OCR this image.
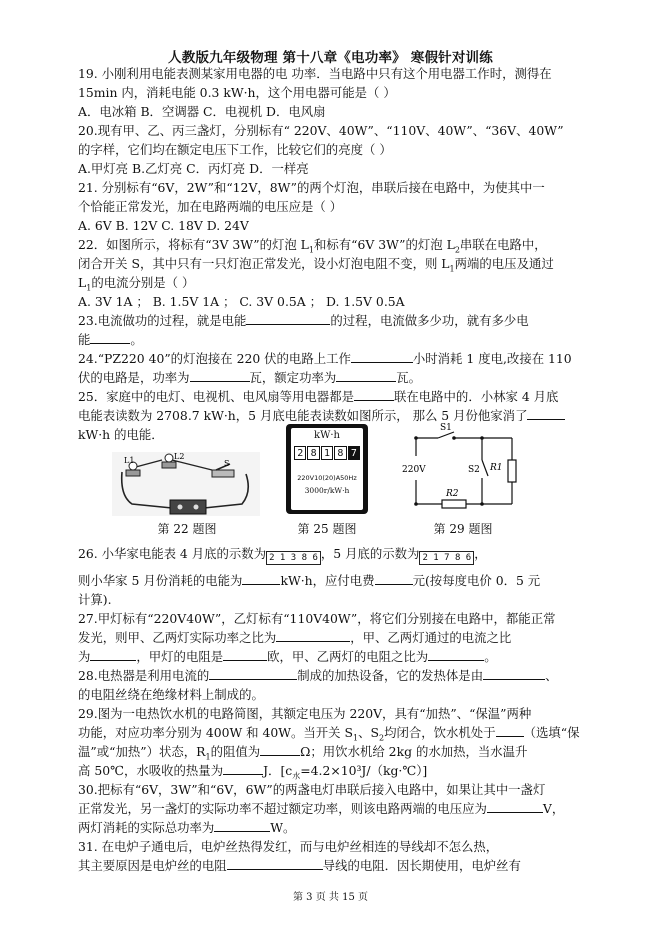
人教版九年级物理 第十八章《电功率》 寒假针对训练
19. 小刚利用电能表测某家用电器的电 功率．当电路中只有这个用电器工作时，测得在
15min 内，消耗电能 0.3 kW·h，这个用电器可能是（ ）
A．电冰箱 B．空调器 C．电视机 D．电风扇
20.现有甲、乙、丙三盏灯，分别标有“ 220V、40W”、“110V、40W”、“36V、40W”
的字样，它们均在额定电压下工作，比较它们的亮度（ ）
A.甲灯亮 B.乙灯亮 C．丙灯亮 D．一样亮
21. 分别标有“6V，2W”和“12V，8W”的两个灯泡，串联后接在电路中，为使其中一
个恰能正常发光，加在电路两端的电压应是（ ）
A. 6V B. 12V C. 18V D. 24V
22．如图所示，将标有“3V 3W”的灯泡 $L_1$和标有“6V 3W”的灯泡 $L_2$串联在电路中，
闭合开关 S，其中只有一只灯泡正常发光，设小灯泡电阻不变，则 $L_1$两端的电压及通过
$L_1$的电流分别是（ ）
A. 3V 1A ； B. 1.5V 1A ； C. 3V 0.5A ； D. 1.5V 0.5A
23.电流做功的过程，就是电能	的过程，电流做多少功，就有多少电
能	。
24.“PZ220 40”的灯泡接在 220 伏的电路上工作	小时消耗 1 度电,改接在 110
伏的电路是，功率为	瓦，额定功率为	瓦。
25．家庭中的电灯、电视机、电风扇等用电器都是	联在电路中的．小林家 4 月底
电能表读数为 2708.7 kW·h，5 月底电能表读数如图所示， 那么 5 月份他家消了
kW·h 的电能．
L1	L2
S
第 22 题图
kW·h
2 8 1 8 7
220V10(20)A50Hz
3000r/kW·h
第 25 题图
S1
S2 R1
R2
220V
第 29 题图
26. 小华家电能表 4 月底的示数为 2 1 3 8 6 ，5 月底的示数为 2 1 7 8 6 ，
则小华家 5 月份消耗的电能为	kW·h，应付电费	元(按每度电价 0．5 元
计算).
27.甲灯标有“220V40W”，乙灯标有“110V40W”，将它们分别接在电路中，都能正常
发光，则甲、乙两灯实际功率之比为	，甲、乙两灯通过的电流之比
为	，甲灯的电阻是	欧，甲、乙两灯的电阻之比为	。
28.电热器是利用电流的	制成的加热设备，它的发热体是由	、
的电阻丝绕在绝缘材料上制成的。
29.图为一电热饮水机的电路简图，其额定电压为 220V，具有“加热”、“保温”两种
功能，对应功率分别为 400W 和 40W。当开关 $S_1$、$S_2$均闭合，饮水机处于 （选填“保
温”或“加热”）状态，$R_1$的阻值为	Ω；用饮水机给 2kg 的水加热，当水温升
高 50℃，水吸收的热量为	J．$[c_水=4.2\times 10^3J/(kg\cdot℃)]$
30.把标有“6V，3W”和“6V，6W”的两盏电灯串联后接入电路中，如果让其中一盏灯
正常发光，另一盏灯的实际功率不超过额定功率，则该电路两端的电压应为	V，
两灯消耗的实际总功率为	W。
31. 在电炉子通电后，电炉丝热得发红，而与电炉丝相连的导线却不怎么热，
其主要原因是电炉丝的电阻	导线的电阻．因长期使用，电炉丝有
第 3 页 共 15 页
